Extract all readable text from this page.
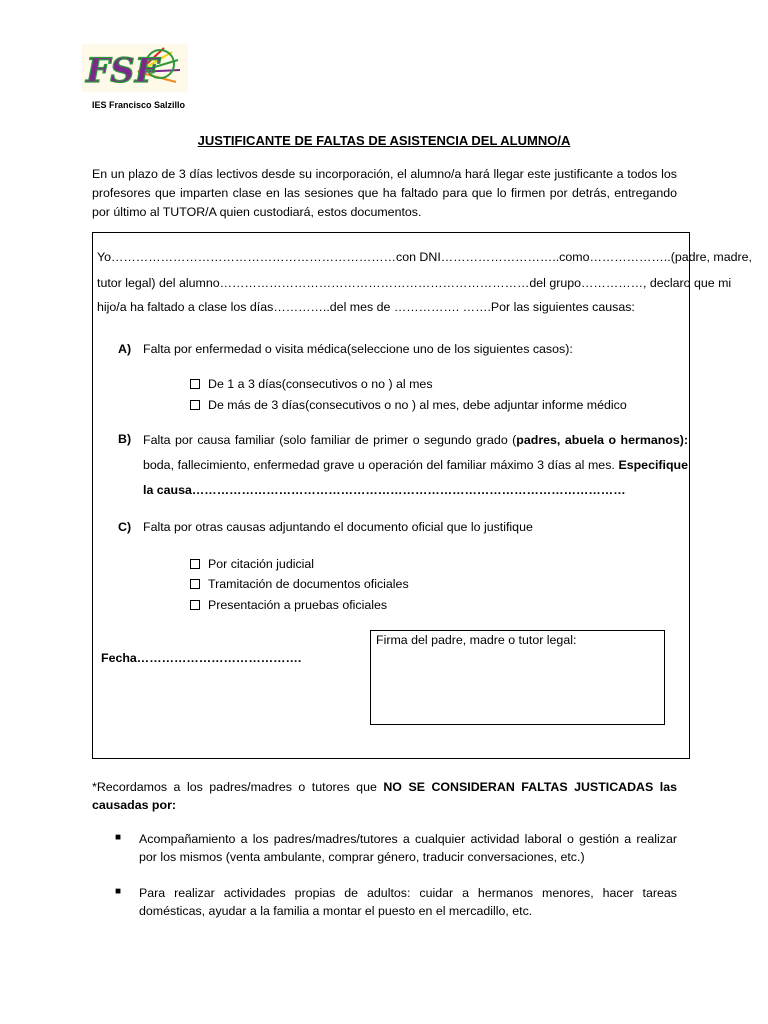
FSF
IES Francisco Salzillo
JUSTIFICANTE DE FALTAS DE ASISTENCIA DEL ALUMNO/A
En un plazo de 3 días lectivos desde su incorporación, el alumno/a hará llegar este justificante a todos los profesores que imparten clase en las sesiones que ha faltado para que lo firmen por detrás, entregando por último al TUTOR/A quien custodiará, estos documentos.
Yo……………………………………………………………con DNI………………………..como………………..(padre, madre,
tutor legal) del alumno…………………………………………………………………del grupo……………, declaro que mi
hijo/a ha faltado a clase los días…………..del mes de ……………. …….Por las siguientes causas:
A) Falta por enfermedad o visita médica(seleccione uno de los siguientes casos):
De 1 a 3 días(consecutivos o no ) al mes
De más de 3 días(consecutivos o no ) al mes, debe adjuntar informe médico
B) Falta por causa familiar (solo familiar de primer o segundo grado (padres, abuela o hermanos): boda, fallecimiento, enfermedad grave u operación del familiar máximo 3 días al mes. Especifique la causa……………………………………………………………………………………………
C) Falta por otras causas adjuntando el documento oficial que lo justifique
Por citación judicial
Tramitación de documentos oficiales
Presentación a pruebas oficiales
Fecha………………………………….
Firma del padre, madre o tutor legal:
*Recordamos a los padres/madres o tutores que NO SE CONSIDERAN FALTAS JUSTICADAS las causadas por:
■ Acompañamiento a los padres/madres/tutores a cualquier actividad laboral o gestión a realizar por los mismos (venta ambulante, comprar género, traducir conversaciones, etc.)
■ Para realizar actividades propias de adultos: cuidar a hermanos menores, hacer tareas domésticas, ayudar a la familia a montar el puesto en el mercadillo, etc.
